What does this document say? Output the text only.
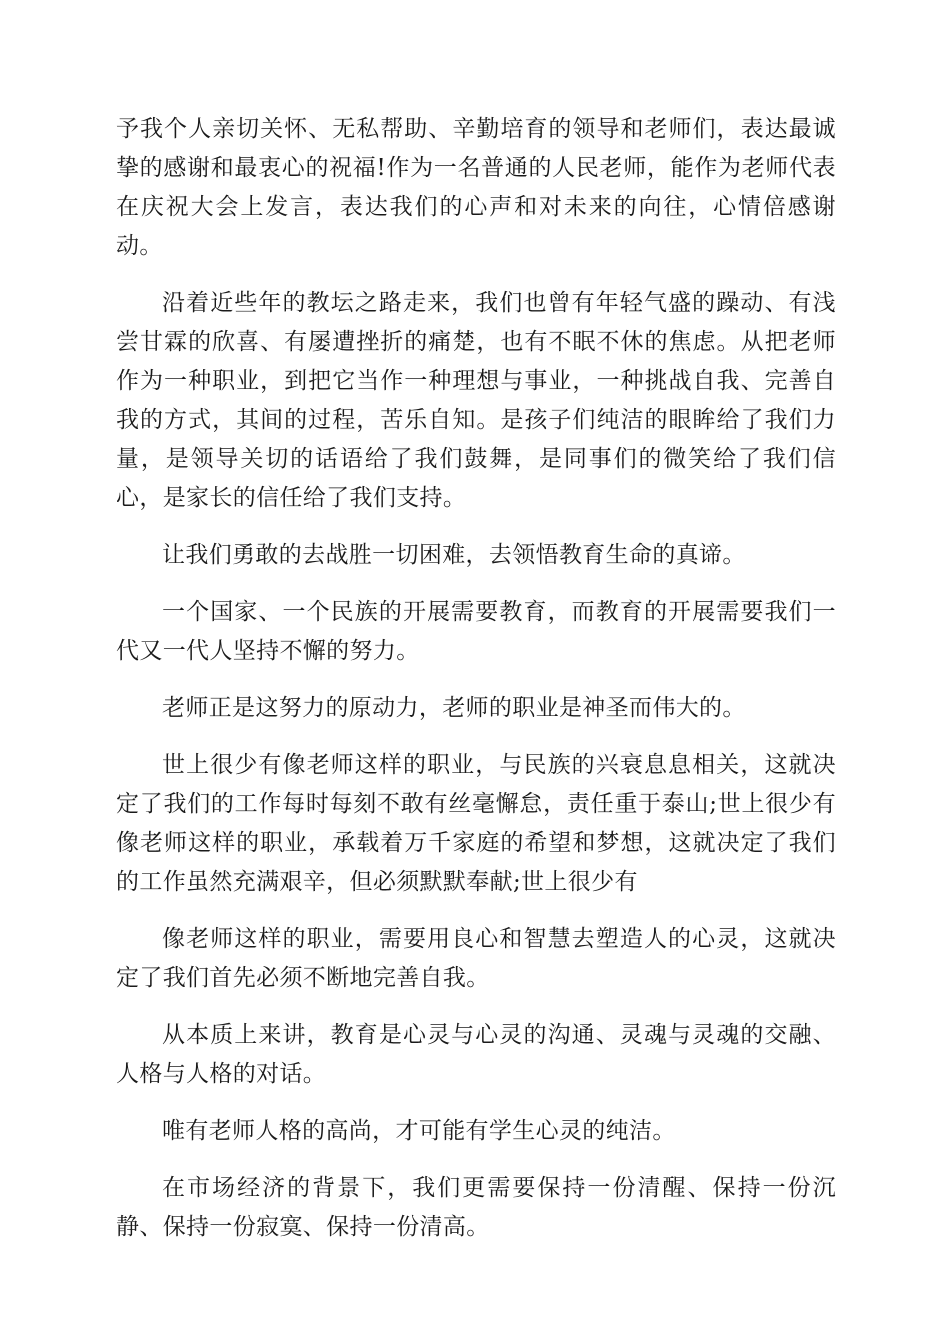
予我个人亲切关怀、无私帮助、辛勤培育的领导和老师们，表达最诚挚的感谢和最衷心的祝福!作为一名普通的人民老师，能作为老师代表在庆祝大会上发言，表达我们的心声和对未来的向往，心情倍感谢动。

沿着近些年的教坛之路走来，我们也曾有年轻气盛的躁动、有浅尝甘霖的欣喜、有屡遭挫折的痛楚，也有不眠不休的焦虑。从把老师作为一种职业，到把它当作一种理想与事业，一种挑战自我、完善自我的方式，其间的过程，苦乐自知。是孩子们纯洁的眼眸给了我们力量，是领导关切的话语给了我们鼓舞，是同事们的微笑给了我们信心，是家长的信任给了我们支持。

让我们勇敢的去战胜一切困难，去领悟教育生命的真谛。

一个国家、一个民族的开展需要教育，而教育的开展需要我们一代又一代人坚持不懈的努力。

老师正是这努力的原动力，老师的职业是神圣而伟大的。

世上很少有像老师这样的职业，与民族的兴衰息息相关，这就决定了我们的工作每时每刻不敢有丝毫懈怠，责任重于泰山;世上很少有像老师这样的职业，承载着万千家庭的希望和梦想，这就决定了我们的工作虽然充满艰辛，但必须默默奉献;世上很少有

像老师这样的职业，需要用良心和智慧去塑造人的心灵，这就决定了我们首先必须不断地完善自我。

从本质上来讲，教育是心灵与心灵的沟通、灵魂与灵魂的交融、人格与人格的对话。

唯有老师人格的高尚，才可能有学生心灵的纯洁。

在市场经济的背景下，我们更需要保持一份清醒、保持一份沉静、保持一份寂寞、保持一份清高。
